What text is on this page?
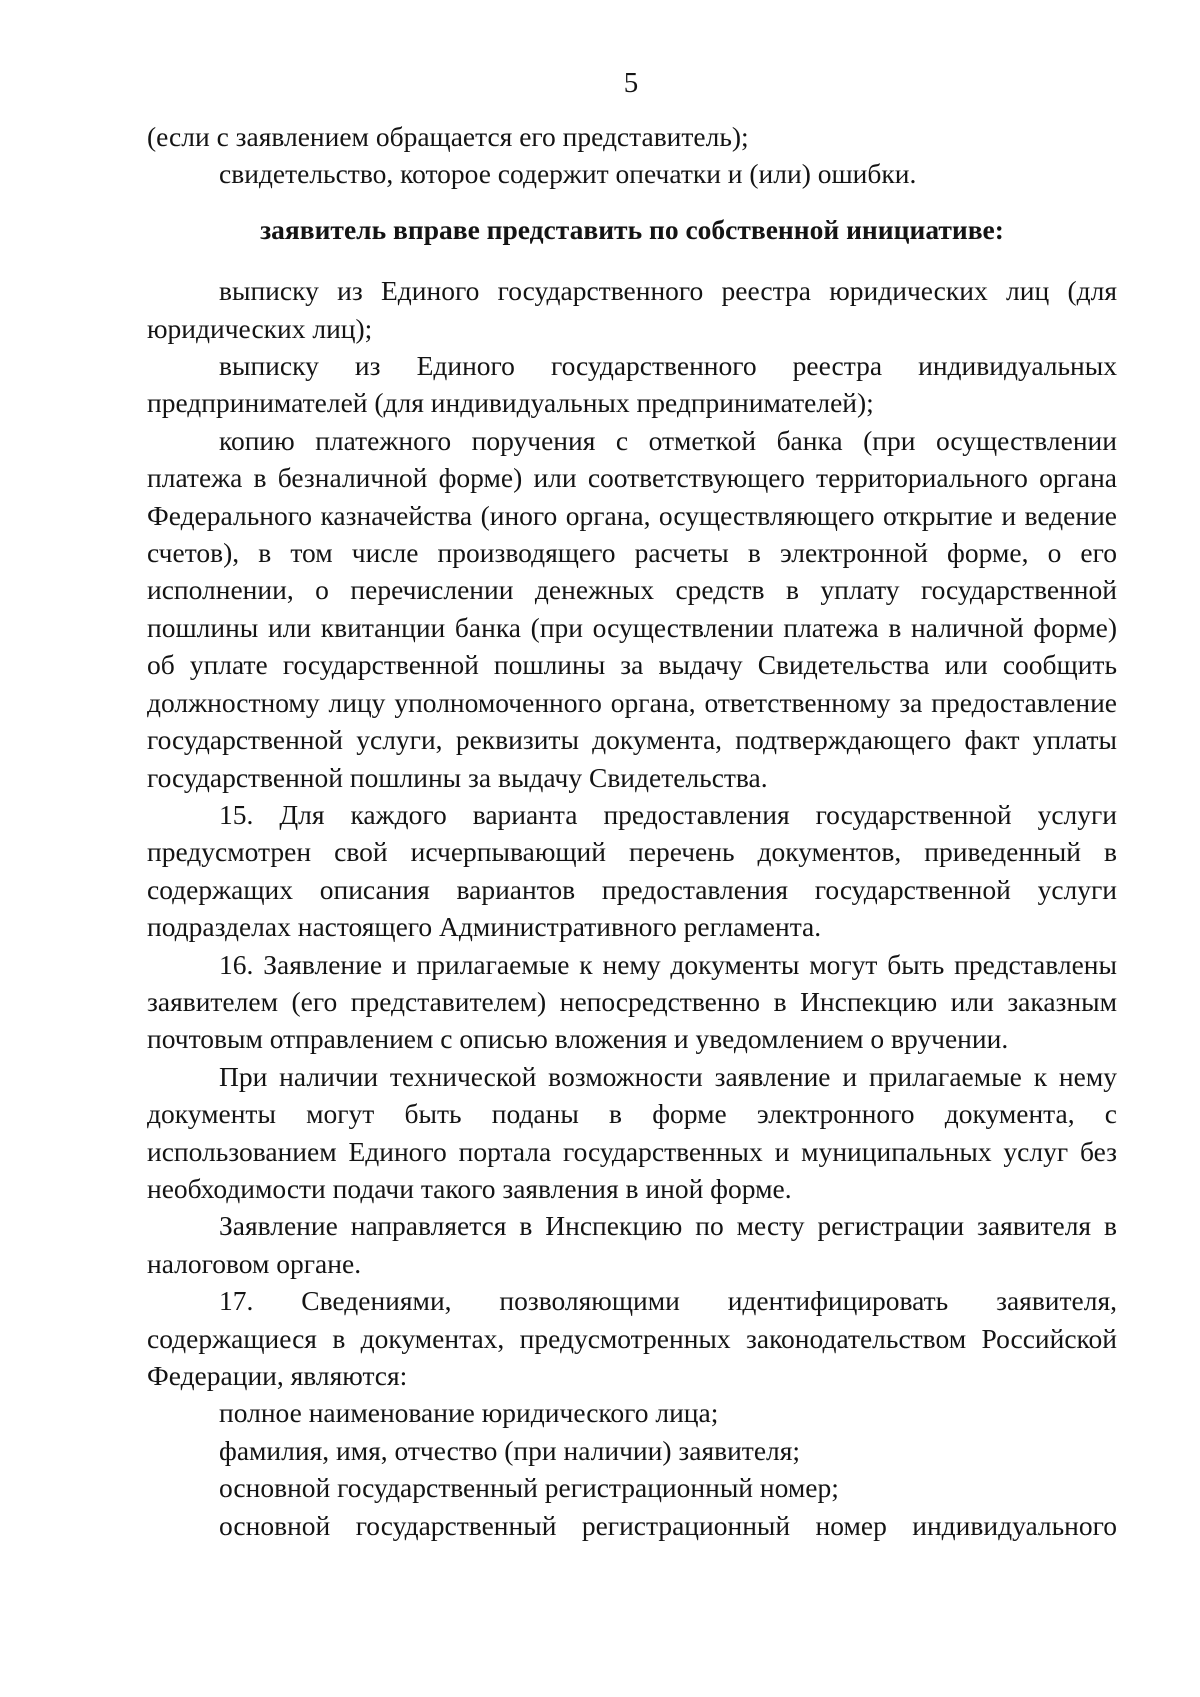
5

(если с заявлением обращается его представитель);

свидетельство, которое содержит опечатки и (или) ошибки.

заявитель вправе представить по собственной инициативе:

выписку из Единого государственного реестра юридических лиц (для юридических лиц);

выписку из Единого государственного реестра индивидуальных предпринимателей (для индивидуальных предпринимателей);

копию платежного поручения с отметкой банка (при осуществлении платежа в безналичной форме) или соответствующего территориального органа Федерального казначейства (иного органа, осуществляющего открытие и ведение счетов), в том числе производящего расчеты в электронной форме, о его исполнении, о перечислении денежных средств в уплату государственной пошлины или квитанции банка (при осуществлении платежа в наличной форме) об уплате государственной пошлины за выдачу Свидетельства или сообщить должностному лицу уполномоченного органа, ответственному за предоставление государственной услуги, реквизиты документа, подтверждающего факт уплаты государственной пошлины за выдачу Свидетельства.

15. Для каждого варианта предоставления государственной услуги предусмотрен свой исчерпывающий перечень документов, приведенный в содержащих описания вариантов предоставления государственной услуги подразделах настоящего Административного регламента.

16. Заявление и прилагаемые к нему документы могут быть представлены заявителем (его представителем) непосредственно в Инспекцию или заказным почтовым отправлением с описью вложения и уведомлением о вручении.

При наличии технической возможности заявление и прилагаемые к нему документы могут быть поданы в форме электронного документа, с использованием Единого портала государственных и муниципальных услуг без необходимости подачи такого заявления в иной форме.

Заявление направляется в Инспекцию по месту регистрации заявителя в налоговом органе.

17. Сведениями, позволяющими идентифицировать заявителя, содержащиеся в документах, предусмотренных законодательством Российской Федерации, являются:

полное наименование юридического лица;

фамилия, имя, отчество (при наличии) заявителя;

основной государственный регистрационный номер;

основной государственный регистрационный номер индивидуального
